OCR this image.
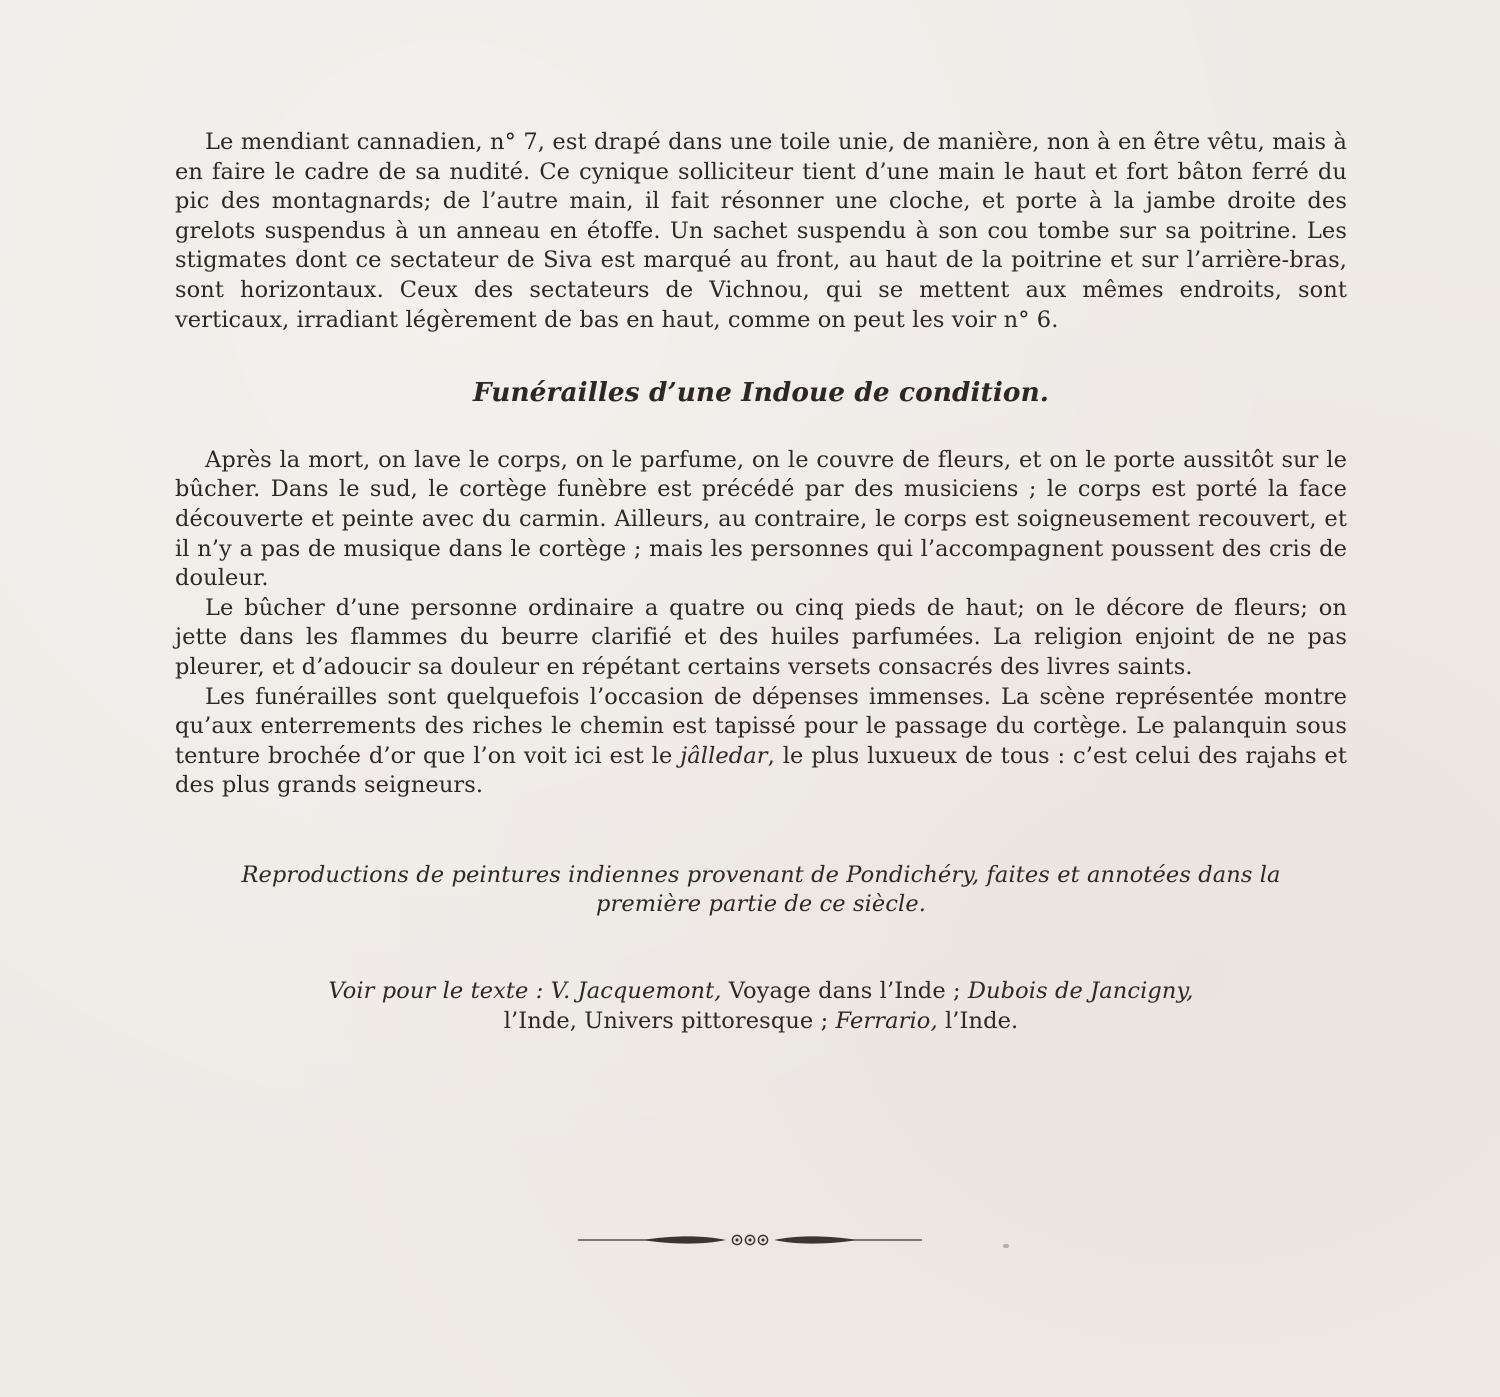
Le mendiant cannadien, n° 7, est drapé dans une toile unie, de manière, non à en être vêtu, mais à en faire le cadre de sa nudité. Ce cynique solliciteur tient d’une main le haut et fort bâton ferré du pic des montagnards; de l’autre main, il fait résonner une cloche, et porte à la jambe droite des grelots suspendus à un anneau en étoffe. Un sachet suspendu à son cou tombe sur sa poitrine. Les stigmates dont ce sectateur de Siva est marqué au front, au haut de la poitrine et sur l’arrière-bras, sont horizontaux. Ceux des sectateurs de Vichnou, qui se mettent aux mêmes endroits, sont verticaux, irradiant légèrement de bas en haut, comme on peut les voir n° 6.

Funérailles d’une Indoue de condition.

Après la mort, on lave le corps, on le parfume, on le couvre de fleurs, et on le porte aussitôt sur le bûcher. Dans le sud, le cortège funèbre est précédé par des musiciens ; le corps est porté la face découverte et peinte avec du carmin. Ailleurs, au contraire, le corps est soigneusement recouvert, et il n’y a pas de musique dans le cortège ; mais les personnes qui l’accompagnent poussent des cris de douleur.

Le bûcher d’une personne ordinaire a quatre ou cinq pieds de haut; on le décore de fleurs; on jette dans les flammes du beurre clarifié et des huiles parfumées. La religion enjoint de ne pas pleurer, et d’adoucir sa douleur en répétant certains versets consacrés des livres saints.

Les funérailles sont quelquefois l’occasion de dépenses immenses. La scène représentée montre qu’aux enterrements des riches le chemin est tapissé pour le passage du cortège. Le palanquin sous tenture brochée d’or que l’on voit ici est le jâlledar, le plus luxueux de tous : c’est celui des rajahs et des plus grands seigneurs.

Reproductions de peintures indiennes provenant de Pondichéry, faites et annotées dans la première partie de ce siècle.

Voir pour le texte : V. Jacquemont, Voyage dans l’Inde ; Dubois de Jancigny, l’Inde, Univers pittoresque ; Ferrario, l’Inde.
